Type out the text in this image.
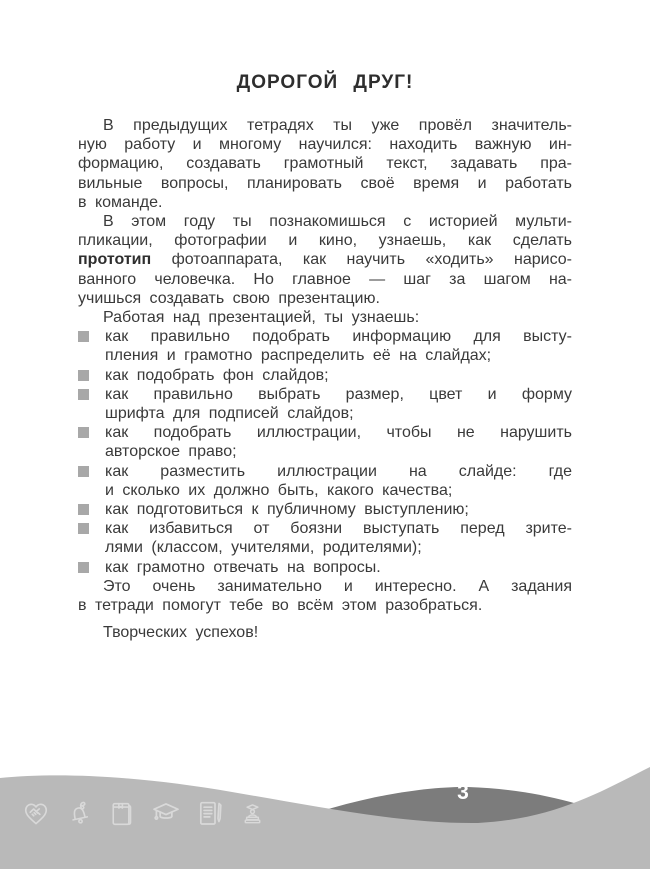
ДОРОГОЙ ДРУГ!
В предыдущих тетрадях ты уже провёл значитель-
ную работу и многому научился: находить важную ин-
формацию, создавать грамотный текст, задавать пра-
вильные вопросы, планировать своё время и работать
в команде.
В этом году ты познакомишься с историей мульти-
пликации, фотографии и кино, узнаешь, как сделать
прототип фотоаппарата, как научить «ходить» нарисо-
ванного человечка. Но главное — шаг за шагом на-
учишься создавать свою презентацию.
Работая над презентацией, ты узнаешь:
как правильно подобрать информацию для высту-
пления и грамотно распределить её на слайдах;
как подобрать фон слайдов;
как правильно выбрать размер, цвет и форму
шрифта для подписей слайдов;
как подобрать иллюстрации, чтобы не нарушить
авторское право;
как разместить иллюстрации на слайде: где
и сколько их должно быть, какого качества;
как подготовиться к публичному выступлению;
как избавиться от боязни выступать перед зрите-
лями (классом, учителями, родителями);
как грамотно отвечать на вопросы.
Это очень занимательно и интересно. А задания
в тетради помогут тебе во всём этом разобраться.
Творческих успехов!
3
